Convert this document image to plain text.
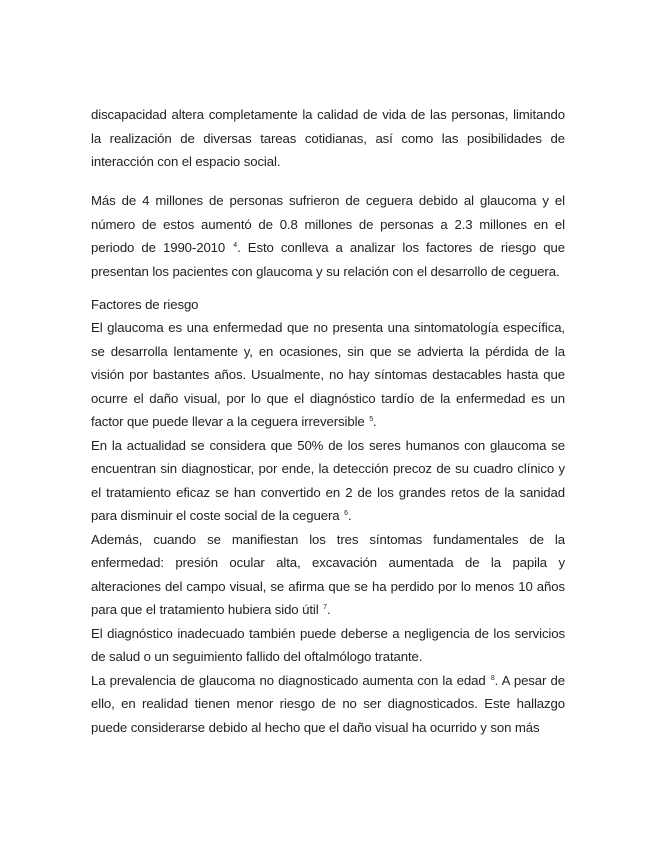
discapacidad altera completamente la calidad de vida de las personas, limitando la realización de diversas tareas cotidianas, así como las posibilidades de interacción con el espacio social.

Más de 4 millones de personas sufrieron de ceguera debido al glaucoma y el número de estos aumentó de 0.8 millones de personas a 2.3 millones en el periodo de 1990-2010 $^4$. Esto conlleva a analizar los factores de riesgo que presentan los pacientes con glaucoma y su relación con el desarrollo de ceguera.

Factores de riesgo

El glaucoma es una enfermedad que no presenta una sintomatología específica, se desarrolla lentamente y, en ocasiones, sin que se advierta la pérdida de la visión por bastantes años. Usualmente, no hay síntomas destacables hasta que ocurre el daño visual, por lo que el diagnóstico tardío de la enfermedad es un factor que puede llevar a la ceguera irreversible $^5$.

En la actualidad se considera que 50% de los seres humanos con glaucoma se encuentran sin diagnosticar, por ende, la detección precoz de su cuadro clínico y el tratamiento eficaz se han convertido en 2 de los grandes retos de la sanidad para disminuir el coste social de la ceguera $^6$.

Además, cuando se manifiestan los tres síntomas fundamentales de la enfermedad: presión ocular alta, excavación aumentada de la papila y alteraciones del campo visual, se afirma que se ha perdido por lo menos 10 años para que el tratamiento hubiera sido útil $^7$.

El diagnóstico inadecuado también puede deberse a negligencia de los servicios de salud o un seguimiento fallido del oftalmólogo tratante.

La prevalencia de glaucoma no diagnosticado aumenta con la edad $^8$. A pesar de ello, en realidad tienen menor riesgo de no ser diagnosticados. Este hallazgo puede considerarse debido al hecho que el daño visual ha ocurrido y son más
